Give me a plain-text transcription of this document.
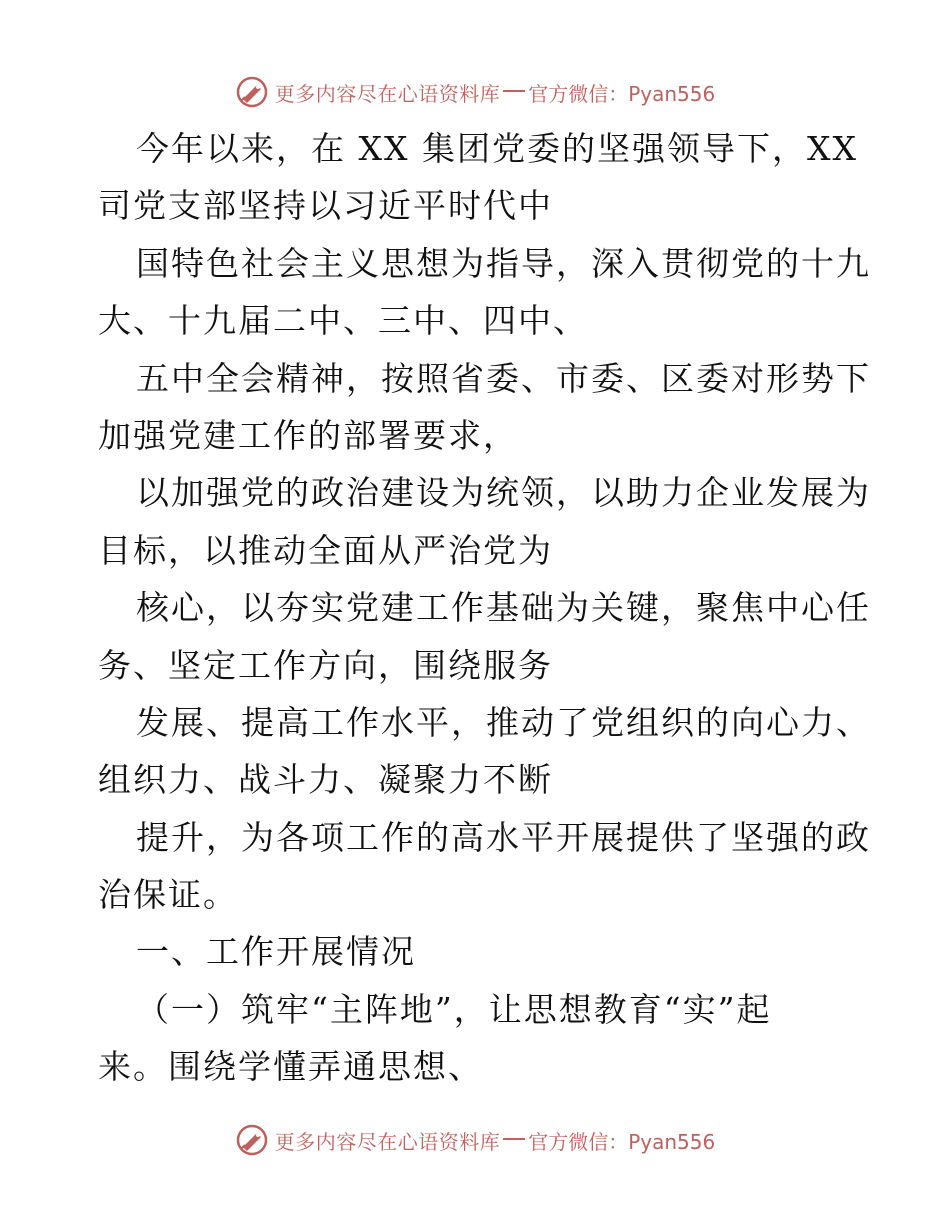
更多内容尽在心语资料库 官方微信：Pyan556
今年以来，在 XX 集团党委的坚强领导下，XX
司党支部坚持以习近平时代中
国特色社会主义思想为指导，深入贯彻党的十九
大、十九届二中、三中、四中、
五中全会精神，按照省委、市委、区委对形势下
加强党建工作的部署要求，
以加强党的政治建设为统领，以助力企业发展为
目标，以推动全面从严治党为
核心，以夯实党建工作基础为关键，聚焦中心任
务、坚定工作方向，围绕服务
发展、提高工作水平，推动了党组织的向心力、
组织力、战斗力、凝聚力不断
提升，为各项工作的高水平开展提供了坚强的政
治保证。
一、工作开展情况
（一）筑牢“主阵地”，让思想教育“实”起
来。围绕学懂弄通思想、
更多内容尽在心语资料库 官方微信：Pyan556
